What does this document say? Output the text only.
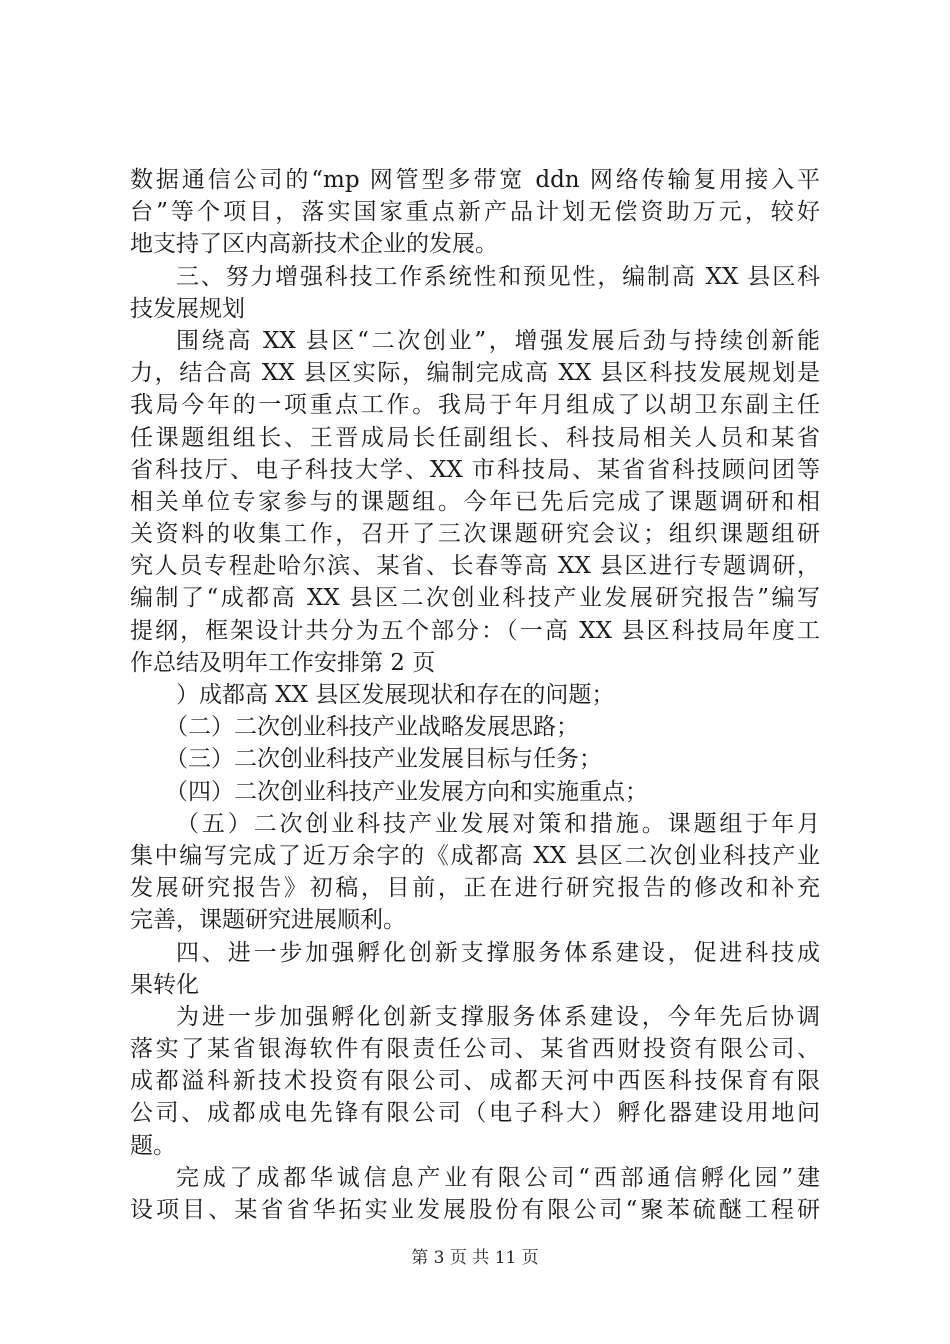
数据通信公司的“mp 网管型多带宽 ddn 网络传输复用接入平
台”等个项目，落实国家重点新产品计划无偿资助万元，较好
地支持了区内高新技术企业的发展。
三、努力增强科技工作系统性和预见性，编制高 XX 县区科
技发展规划
围绕高 XX 县区“二次创业”，增强发展后劲与持续创新能
力，结合高 XX 县区实际，编制完成高 XX 县区科技发展规划是
我局今年的一项重点工作。我局于年月组成了以胡卫东副主任
任课题组组长、王晋成局长任副组长、科技局相关人员和某省
省科技厅、电子科技大学、XX 市科技局、某省省科技顾问团等
相关单位专家参与的课题组。今年已先后完成了课题调研和相
关资料的收集工作，召开了三次课题研究会议；组织课题组研
究人员专程赴哈尔滨、某省、长春等高 XX 县区进行专题调研，
编制了“成都高 XX 县区二次创业科技产业发展研究报告”编写
提纲，框架设计共分为五个部分：（一高 XX 县区科技局年度工
作总结及明年工作安排第 2 页
）成都高 XX 县区发展现状和存在的问题；
（二）二次创业科技产业战略发展思路；
（三）二次创业科技产业发展目标与任务；
（四）二次创业科技产业发展方向和实施重点；
（五）二次创业科技产业发展对策和措施。课题组于年月
集中编写完成了近万余字的《成都高 XX 县区二次创业科技产业
发展研究报告》初稿，目前，正在进行研究报告的修改和补充
完善，课题研究进展顺利。
四、进一步加强孵化创新支撑服务体系建设，促进科技成
果转化
为进一步加强孵化创新支撑服务体系建设，今年先后协调
落实了某省银海软件有限责任公司、某省西财投资有限公司、
成都溢科新技术投资有限公司、成都天河中西医科技保育有限
公司、成都成电先锋有限公司（电子科大）孵化器建设用地问
题。
完成了成都华诚信息产业有限公司“西部通信孵化园”建
设项目、某省省华拓实业发展股份有限公司“聚苯硫醚工程研
第 3 页 共 11 页
